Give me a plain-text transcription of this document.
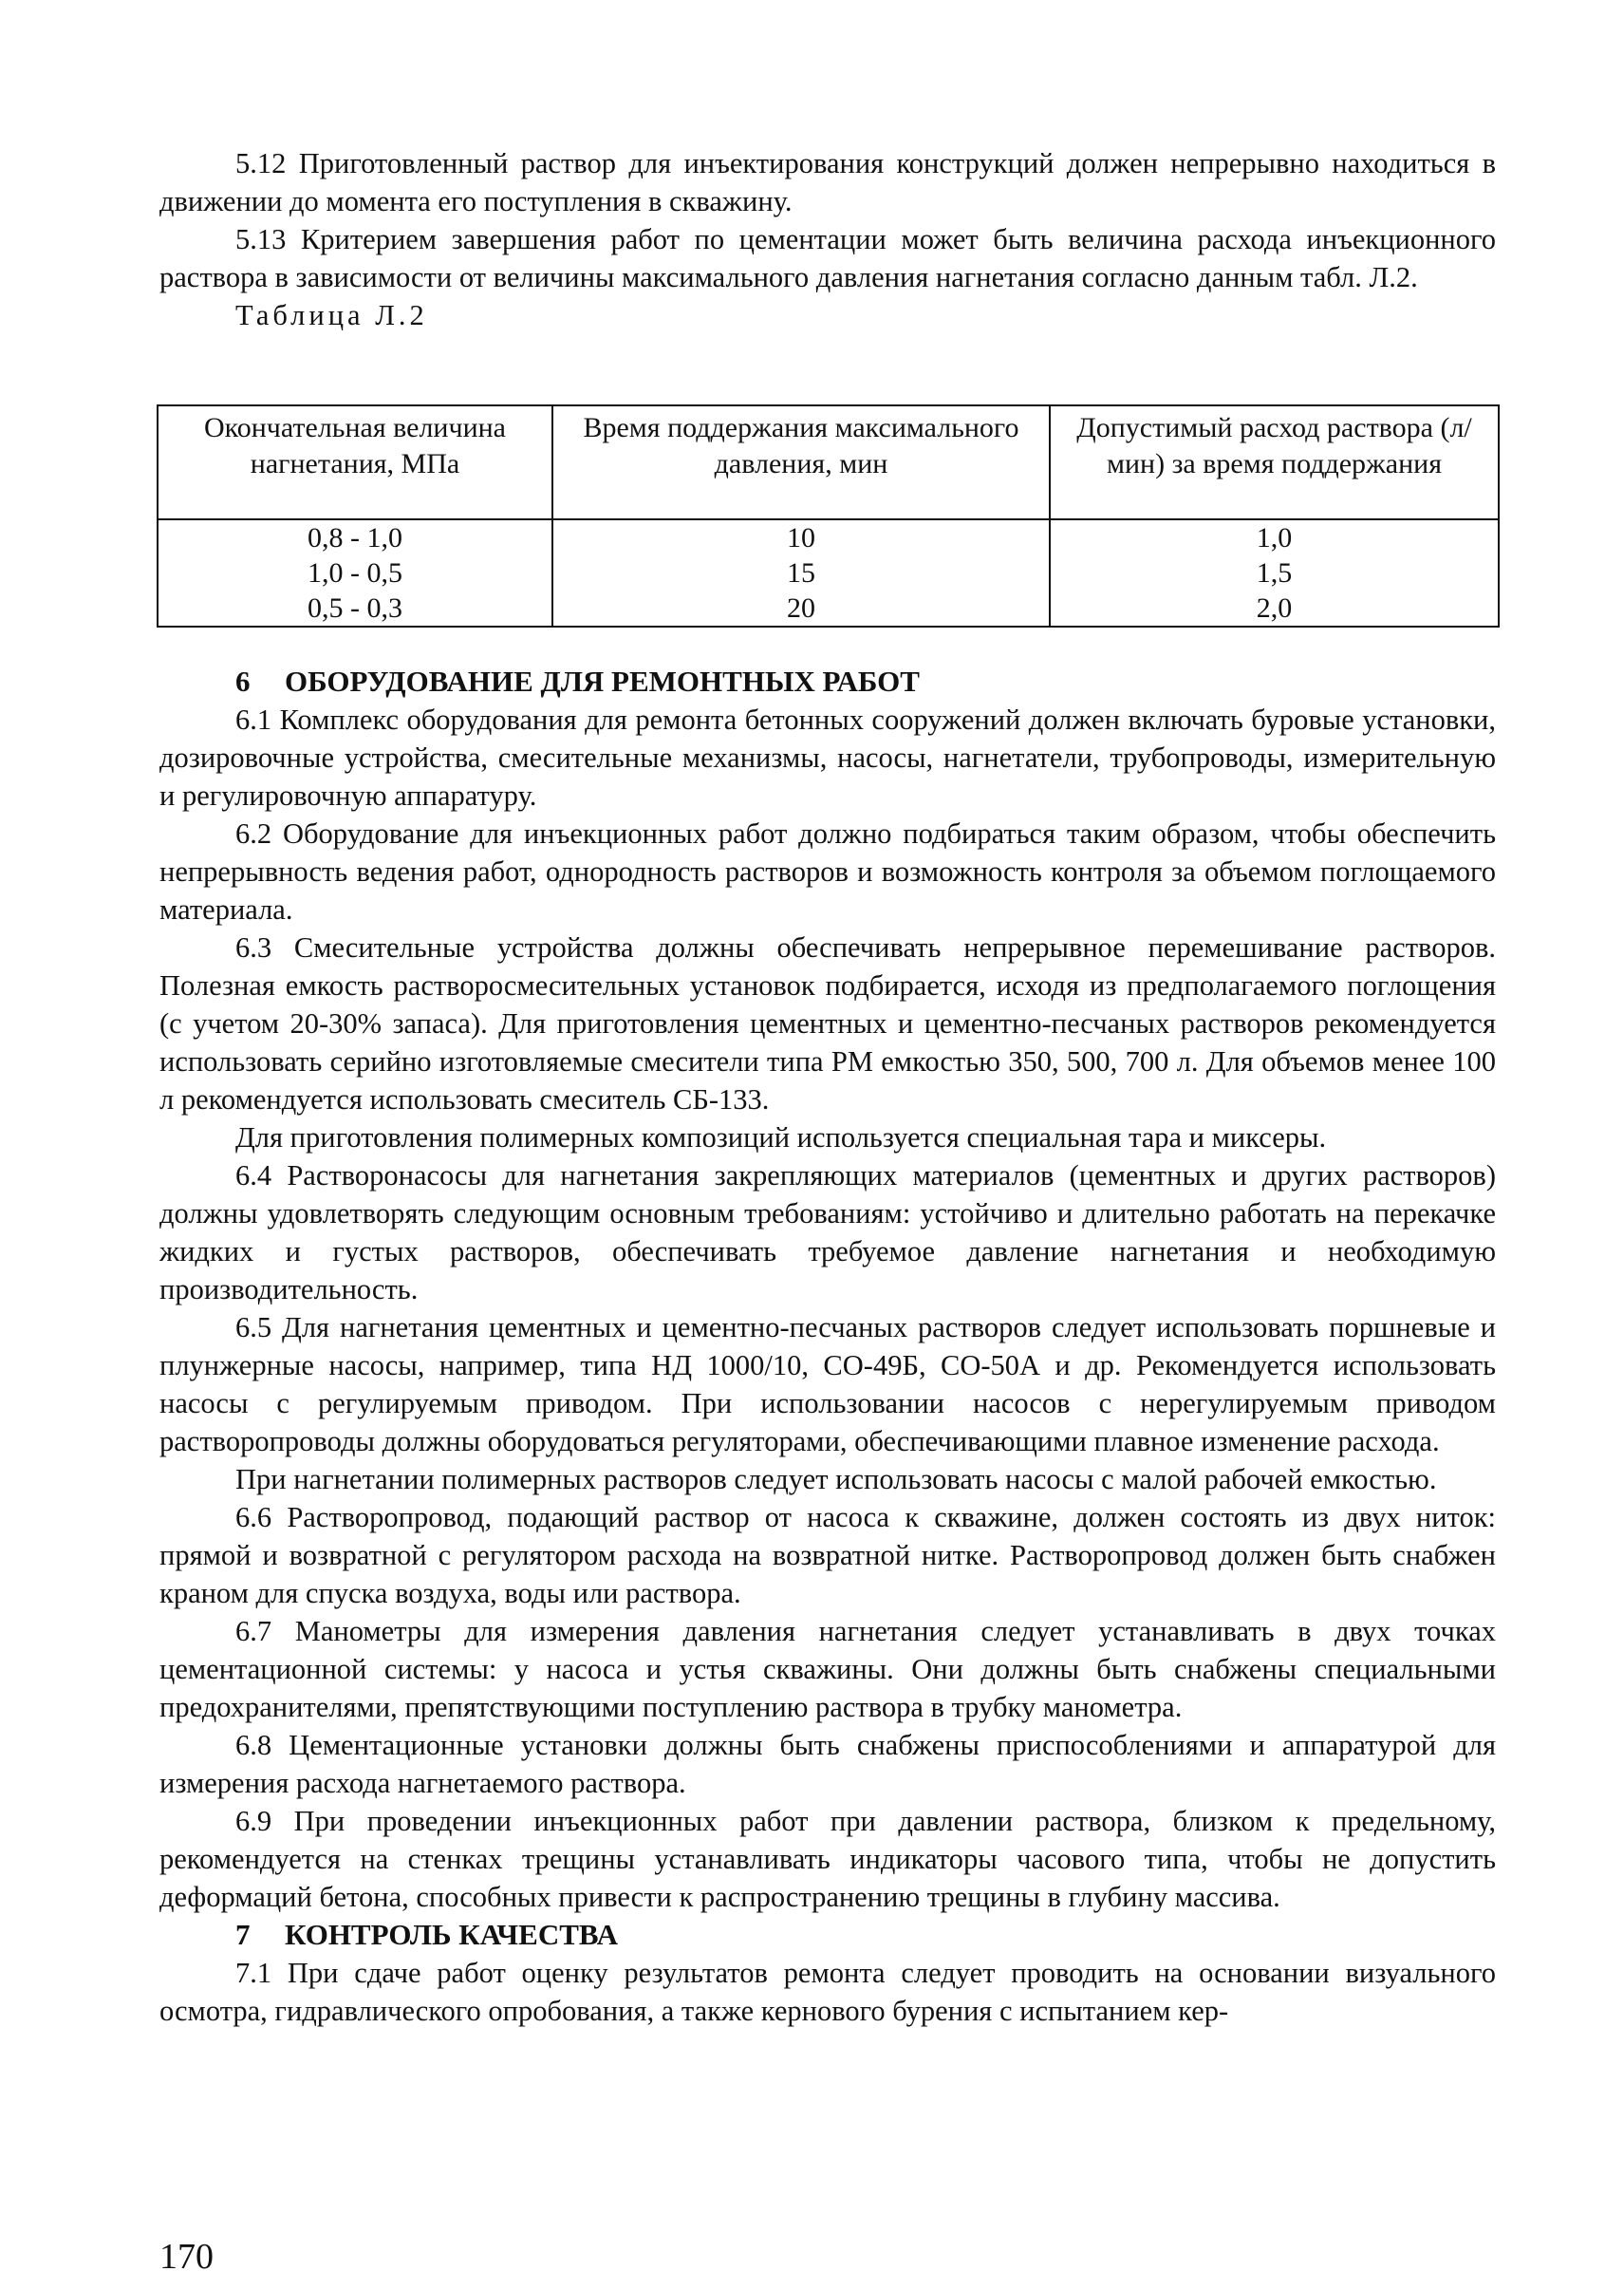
5.12 Приготовленный раствор для инъектирования конструкций должен непрерывно находиться в движении до момента его поступления в скважину.

5.13 Критерием завершения работ по цементации может быть величина расхода инъекционного раствора в зависимости от величины максимального давления нагнетания согласно данным табл. Л.2.

Таблица Л.2

Окончательная величина нагнетания, МПа	Время поддержания максимального давления, мин	Допустимый расход раствора (л/мин) за время поддержания
0,8 - 1,0	10	1,0
1,0 - 0,5	15	1,5
0,5 - 0,3	20	2,0

6 ОБОРУДОВАНИЕ ДЛЯ РЕМОНТНЫХ РАБОТ

6.1 Комплекс оборудования для ремонта бетонных сооружений должен включать буровые установки, дозировочные устройства, смесительные механизмы, насосы, нагнетатели, трубопроводы, измерительную и регулировочную аппаратуру.

6.2 Оборудование для инъекционных работ должно подбираться таким образом, чтобы обеспечить непрерывность ведения работ, однородность растворов и возможность контроля за объемом поглощаемого материала.

6.3 Смесительные устройства должны обеспечивать непрерывное перемешивание растворов. Полезная емкость растворосмесительных установок подбирается, исходя из предполагаемого поглощения (с учетом 20-30% запаса). Для приготовления цементных и цементно-песчаных растворов рекомендуется использовать серийно изготовляемые смесители типа РМ емкостью 350, 500, 700 л. Для объемов менее 100 л рекомендуется использовать смеситель СБ-133.

Для приготовления полимерных композиций используется специальная тара и миксеры.

6.4 Растворонасосы для нагнетания закрепляющих материалов (цементных и других растворов) должны удовлетворять следующим основным требованиям: устойчиво и длительно работать на перекачке жидких и густых растворов, обеспечивать требуемое давление нагнетания и необходимую производительность.

6.5 Для нагнетания цементных и цементно-песчаных растворов следует использовать поршневые и плунжерные насосы, например, типа НД 1000/10, СО-49Б, СО-50А и др. Рекомендуется использовать насосы с регулируемым приводом. При использовании насосов с нерегулируемым приводом растворопроводы должны оборудоваться регуляторами, обеспечивающими плавное изменение расхода.

При нагнетании полимерных растворов следует использовать насосы с малой рабочей емкостью.

6.6 Растворопровод, подающий раствор от насоса к скважине, должен состоять из двух ниток: прямой и возвратной с регулятором расхода на возвратной нитке. Растворопровод должен быть снабжен краном для спуска воздуха, воды или раствора.

6.7 Манометры для измерения давления нагнетания следует устанавливать в двух точках цементационной системы: у насоса и устья скважины. Они должны быть снабжены специальными предохранителями, препятствующими поступлению раствора в трубку манометра.

6.8 Цементационные установки должны быть снабжены приспособлениями и аппаратурой для измерения расхода нагнетаемого раствора.

6.9 При проведении инъекционных работ при давлении раствора, близком к предельному, рекомендуется на стенках трещины устанавливать индикаторы часового типа, чтобы не допустить деформаций бетона, способных привести к распространению трещины в глубину массива.

7 КОНТРОЛЬ КАЧЕСТВА

7.1 При сдаче работ оценку результатов ремонта следует проводить на основании визуального осмотра, гидравлического опробования, а также кернового бурения с испытанием кер-

170
